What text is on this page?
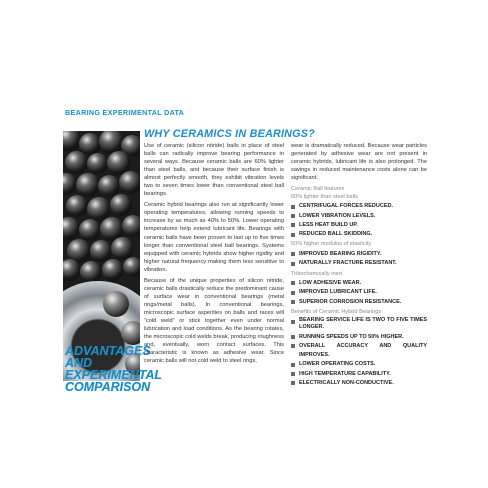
BEARING EXPERIMENTAL DATA
ADVANTAGES
AND
EXPERIMENTAL
COMPARISON
WHY CERAMICS IN BEARINGS?

Use of ceramic (silicon nitride) balls in place of steel balls can radically improve bearing performance in several ways. Because ceramic balls are 60% lighter than steel balls, and because their surface finish is almost perfectly smooth, they exhibit vibration levels two to seven times lower than conventional steel ball bearings.

Ceramic hybrid bearings also run at significantly lower operating temperatures, allowing running speeds to increase by as much as 40% to 50%. Lower operating temperatures help extend lubricant life. Bearings with ceramic balls have been proven to last up to five times longer than conventional steel ball bearings. Systems equipped with ceramic hybrids show higher rigidity and higher natural frequency making them less sensitive to vibration.

Because of the unique properties of silicon nitride, ceramic balls drastically reduce the predominant cause of surface wear in conventional bearings (metal rings/metal balls). In conventional bearings, microscopic surface asperities on balls and races will “cold weld” or stick together even under normal lubrication and load conditions. As the bearing rotates, the microscopic cold welds break, producing roughness and, eventually, worn contact surfaces. This characteristic is known as adhesive wear. Since ceramic balls will not cold weld to steel rings,

wear is dramatically reduced. Because wear particles generated by adhesive wear are not present in ceramic hybrids, lubricant life is also prolonged. The savings in reduced maintenance costs alone can be significant.

Ceramic Ball features
60% lighter than steel balls
CENTRIFUGAL FORCES REDUCED.
LOWER VIBRATION LEVELS.
LESS HEAT BUILD UP.
REDUCED BALL SKIDDING.
50% higher modulus of elasticity
IMPROVED BEARING RIGIDITY.
NATURALLY FRACTURE RESISTANT.
Tribochemically inert
LOW ADHESIVE WEAR.
IMPROVED LUBRICANT LIFE.
SUPERIOR CORROSION RESISTANCE.
Benefits of Ceramic Hybrid Bearings
BEARING SERVICE LIFE IS TWO TO FIVE TIMES LONGER.
RUNNING SPEEDS UP TO 50% HIGHER.
OVERALL ACCURACY AND QUALITY IMPROVES.
LOWER OPERATING COSTS.
HIGH TEMPERATURE CAPABILITY.
ELECTRICALLY NON-CONDUCTIVE.
